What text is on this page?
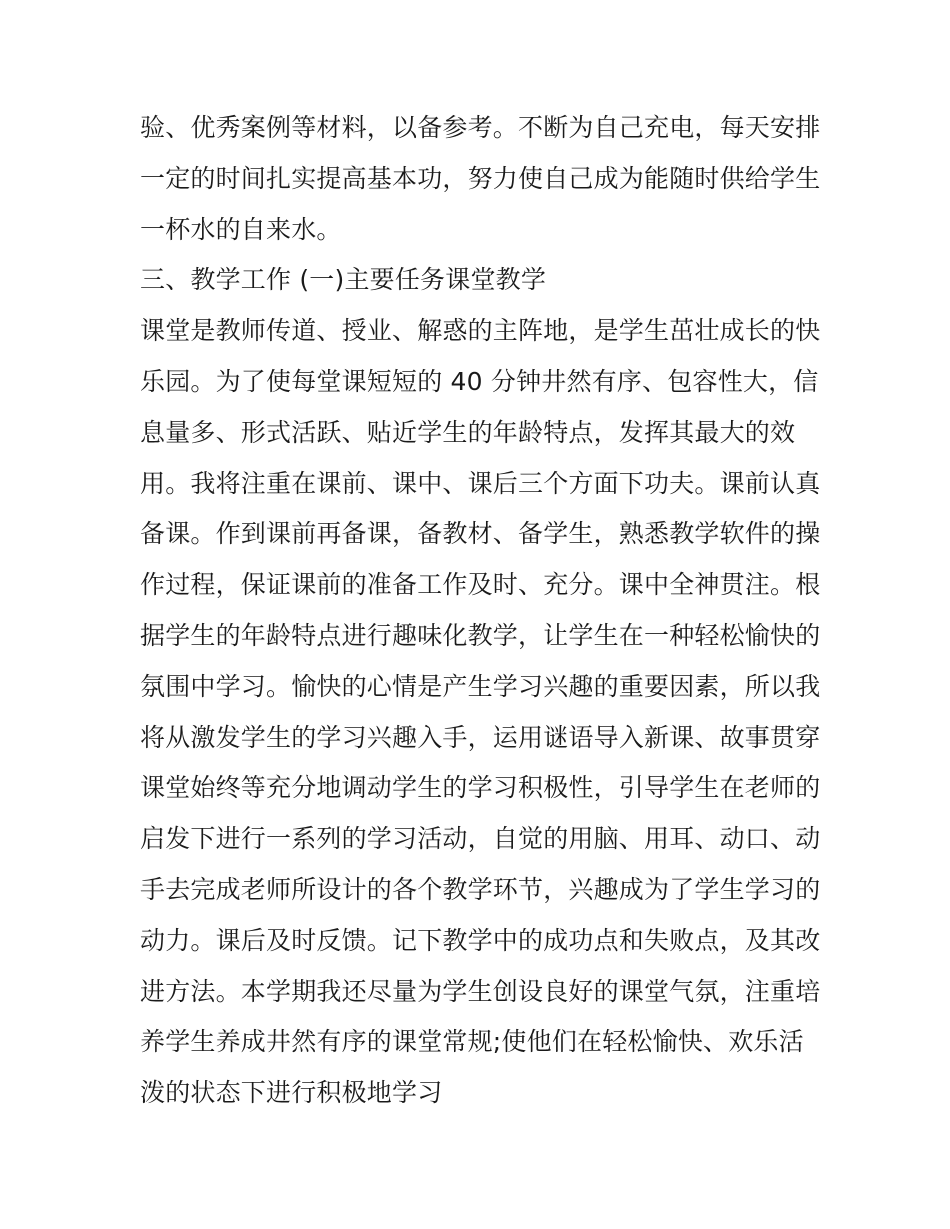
验、优秀案例等材料，以备参考。不断为自己充电，每天安排
一定的时间扎实提高基本功，努力使自己成为能随时供给学生
一杯水的自来水。
三、教学工作 (一)主要任务课堂教学
课堂是教师传道、授业、解惑的主阵地，是学生茁壮成长的快
乐园。为了使每堂课短短的 40 分钟井然有序、包容性大，信
息量多、形式活跃、贴近学生的年龄特点，发挥其最大的效
用。我将注重在课前、课中、课后三个方面下功夫。课前认真
备课。作到课前再备课，备教材、备学生，熟悉教学软件的操
作过程，保证课前的准备工作及时、充分。课中全神贯注。根
据学生的年龄特点进行趣味化教学，让学生在一种轻松愉快的
氛围中学习。愉快的心情是产生学习兴趣的重要因素，所以我
将从激发学生的学习兴趣入手，运用谜语导入新课、故事贯穿
课堂始终等充分地调动学生的学习积极性，引导学生在老师的
启发下进行一系列的学习活动，自觉的用脑、用耳、动口、动
手去完成老师所设计的各个教学环节，兴趣成为了学生学习的
动力。课后及时反馈。记下教学中的成功点和失败点，及其改
进方法。本学期我还尽量为学生创设良好的课堂气氛，注重培
养学生养成井然有序的课堂常规;使他们在轻松愉快、欢乐活
泼的状态下进行积极地学习
